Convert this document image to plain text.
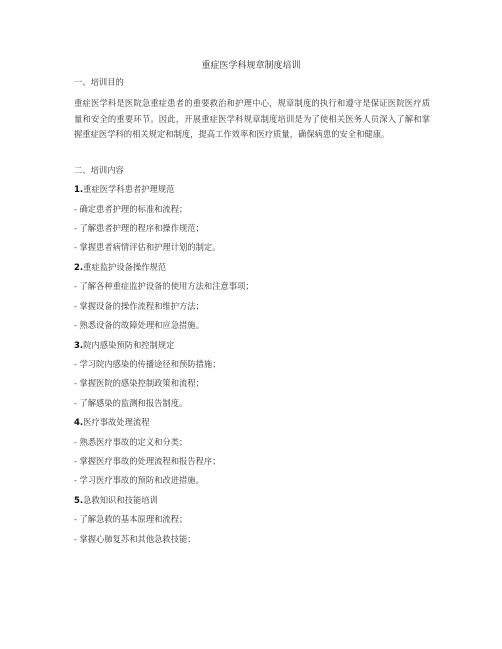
重症医学科规章制度培训
一、培训目的
重症医学科是医院急重症患者的重要救治和护理中心，规章制度的执行和遵守是保证医院医疗质量和安全的重要环节。因此，开展重症医学科规章制度培训是为了使相关医务人员深入了解和掌握重症医学科的相关规定和制度，提高工作效率和医疗质量，确保病患的安全和健康。
二、培训内容
1.重症医学科患者护理规范
- 确定患者护理的标准和流程；
- 了解患者护理的程序和操作规范；
- 掌握患者病情评估和护理计划的制定。
2.重症监护设备操作规范
- 了解各种重症监护设备的使用方法和注意事项；
- 掌握设备的操作流程和维护方法；
- 熟悉设备的故障处理和应急措施。
3.院内感染预防和控制规定
- 学习院内感染的传播途径和预防措施；
- 掌握医院的感染控制政策和流程；
- 了解感染的监测和报告制度。
4.医疗事故处理流程
- 熟悉医疗事故的定义和分类；
- 掌握医疗事故的处理流程和报告程序；
- 学习医疗事故的预防和改进措施。
5.急救知识和技能培训
- 了解急救的基本原理和流程；
- 掌握心肺复苏和其他急救技能；
